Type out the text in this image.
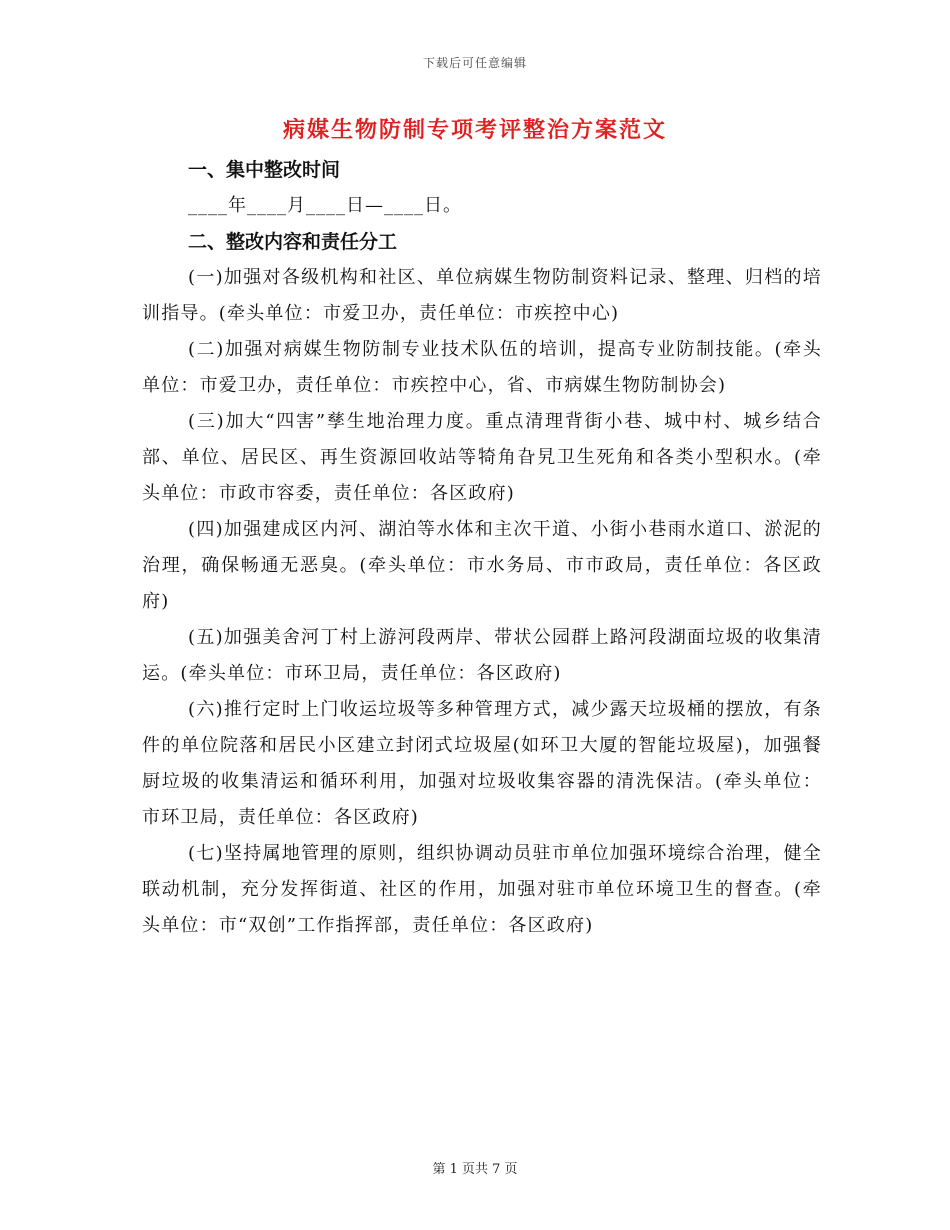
下载后可任意编辑
病媒生物防制专项考评整治方案范文

一、集中整改时间

____年____月____日—____日。

二、整改内容和责任分工

(一)加强对各级机构和社区、单位病媒生物防制资料记录、整理、归档的培训指导。(牵头单位：市爱卫办，责任单位：市疾控中心)

(二)加强对病媒生物防制专业技术队伍的培训，提高专业防制技能。(牵头单位：市爱卫办，责任单位：市疾控中心，省、市病媒生物防制协会)

(三)加大“四害”孳生地治理力度。重点清理背街小巷、城中村、城乡结合部、单位、居民区、再生资源回收站等犄角旮旯卫生死角和各类小型积水。(牵头单位：市政市容委，责任单位：各区政府)

(四)加强建成区内河、湖泊等水体和主次干道、小街小巷雨水道口、淤泥的治理，确保畅通无恶臭。(牵头单位：市水务局、市市政局，责任单位：各区政府)

(五)加强美舍河丁村上游河段两岸、带状公园群上路河段湖面垃圾的收集清运。(牵头单位：市环卫局，责任单位：各区政府)

(六)推行定时上门收运垃圾等多种管理方式，减少露天垃圾桶的摆放，有条件的单位院落和居民小区建立封闭式垃圾屋(如环卫大厦的智能垃圾屋)，加强餐厨垃圾的收集清运和循环利用，加强对垃圾收集容器的清洗保洁。(牵头单位：市环卫局，责任单位：各区政府)

(七)坚持属地管理的原则，组织协调动员驻市单位加强环境综合治理，健全联动机制，充分发挥街道、社区的作用，加强对驻市单位环境卫生的督查。(牵头单位：市“双创”工作指挥部，责任单位：各区政府)

第 1 页共 7 页
